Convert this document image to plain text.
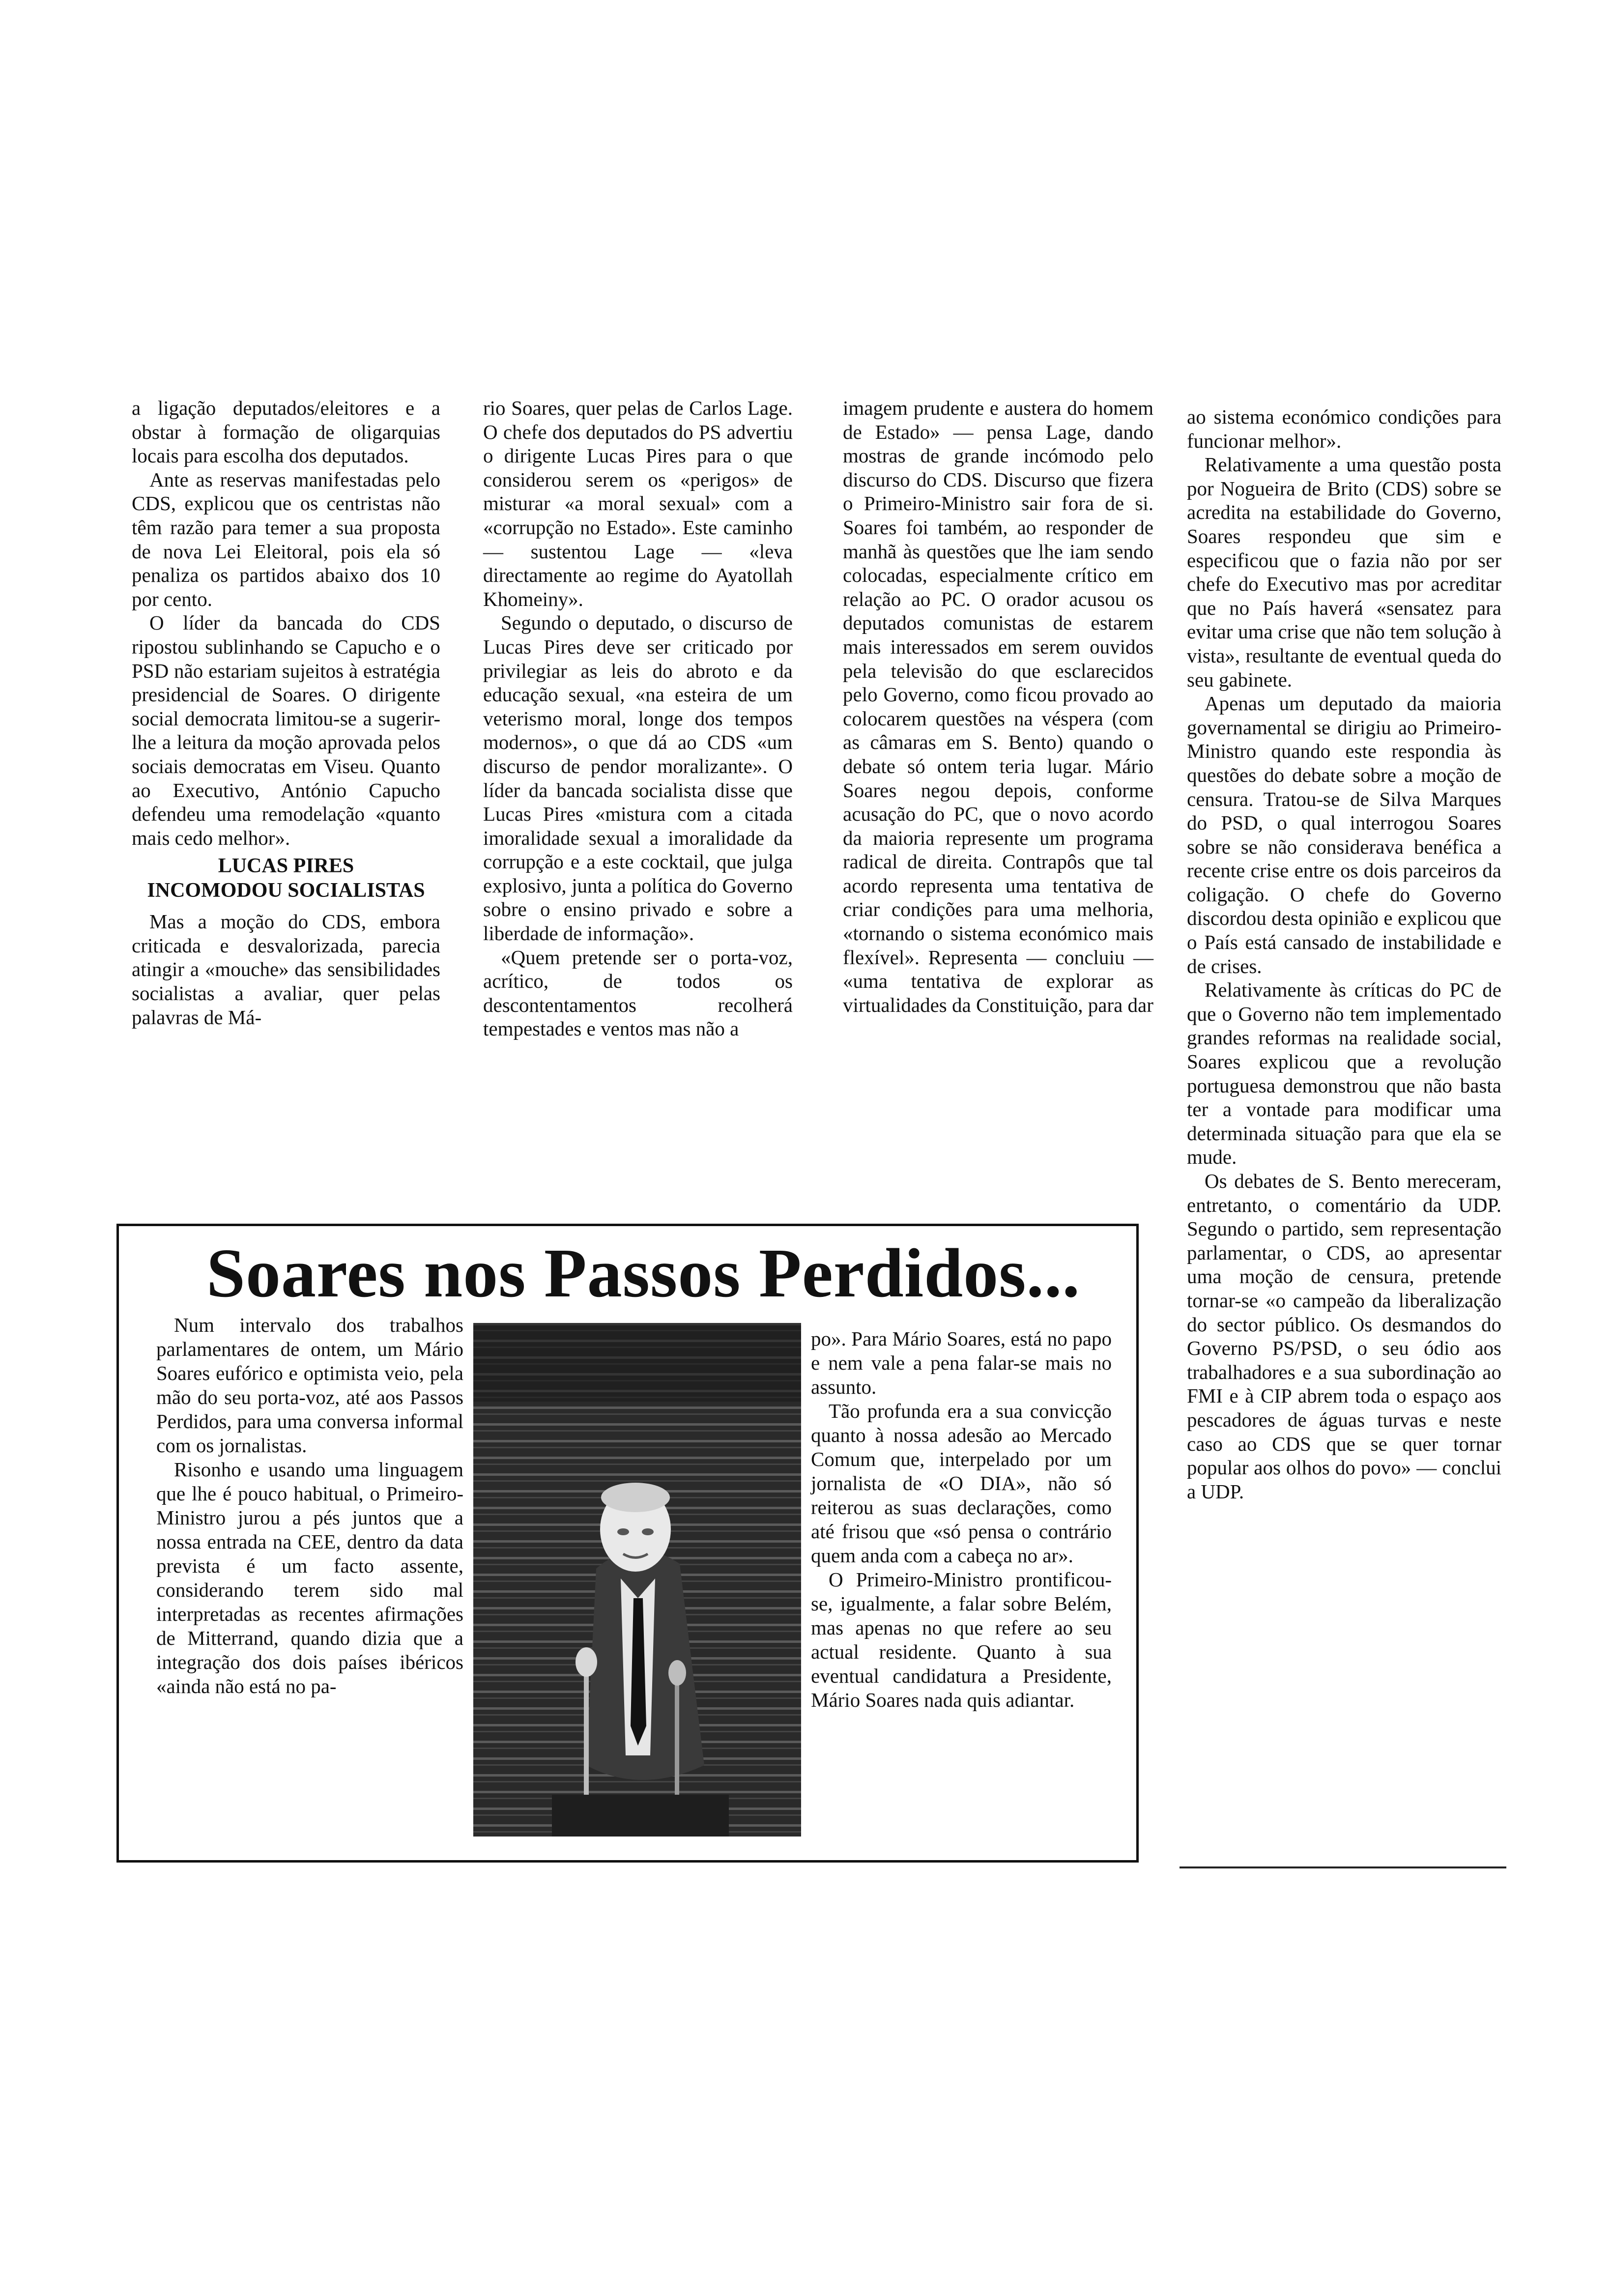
a ligação deputados/eleitores e a obstar à formação de oligarquias locais para escolha dos deputados.

Ante as reservas manifestadas pelo CDS, explicou que os centristas não têm razão para temer a sua proposta de nova Lei Eleitoral, pois ela só penaliza os partidos abaixo dos 10 por cento.

O líder da bancada do CDS ripostou sublinhando se Capucho e o PSD não estariam sujeitos à estratégia presidencial de Soares. O dirigente social democrata limitou-se a sugerir-lhe a leitura da moção aprovada pelos sociais democratas em Viseu. Quanto ao Executivo, António Capucho defendeu uma remodelação «quanto mais cedo melhor».

LUCAS PIRES
INCOMODOU SOCIALISTAS

Mas a moção do CDS, embora criticada e desvalorizada, parecia atingir a «mouche» das sensibilidades socialistas a avaliar, quer pelas palavras de Má-

rio Soares, quer pelas de Carlos Lage. O chefe dos deputados do PS advertiu o dirigente Lucas Pires para o que considerou serem os «perigos» de misturar «a moral sexual» com a «corrupção no Estado». Este caminho — sustentou Lage — «leva directamente ao regime do Ayatollah Khomeiny».

Segundo o deputado, o discurso de Lucas Pires deve ser criticado por privilegiar as leis do abroto e da educação sexual, «na esteira de um veterismo moral, longe dos tempos modernos», o que dá ao CDS «um discurso de pendor moralizante». O líder da bancada socialista disse que Lucas Pires «mistura com a citada imoralidade sexual a imoralidade da corrupção e a este cocktail, que julga explosivo, junta a política do Governo sobre o ensino privado e sobre a liberdade de informação».

«Quem pretende ser o porta-voz, acrítico, de todos os descontentamentos recolherá tempestades e ventos mas não a

imagem prudente e austera do homem de Estado» — pensa Lage, dando mostras de grande incómodo pelo discurso do CDS. Discurso que fizera o Primeiro-Ministro sair fora de si. Soares foi também, ao responder de manhã às questões que lhe iam sendo colocadas, especialmente crítico em relação ao PC. O orador acusou os deputados comunistas de estarem mais interessados em serem ouvidos pela televisão do que esclarecidos pelo Governo, como ficou provado ao colocarem questões na véspera (com as câmaras em S. Bento) quando o debate só ontem teria lugar. Mário Soares negou depois, conforme acusação do PC, que o novo acordo da maioria represente um programa radical de direita. Contrapôs que tal acordo representa uma tentativa de criar condições para uma melhoria, «tornando o sistema económico mais flexível». Representa — concluiu — «uma tentativa de explorar as virtualidades da Constituição, para dar

ao sistema económico condições para funcionar melhor».

Relativamente a uma questão posta por Nogueira de Brito (CDS) sobre se acredita na estabilidade do Governo, Soares respondeu que sim e especificou que o fazia não por ser chefe do Executivo mas por acreditar que no País haverá «sensatez para evitar uma crise que não tem solução à vista», resultante de eventual queda do seu gabinete.

Apenas um deputado da maioria governamental se dirigiu ao Primeiro-Ministro quando este respondia às questões do debate sobre a moção de censura. Tratou-se de Silva Marques do PSD, o qual interrogou Soares sobre se não considerava benéfica a recente crise entre os dois parceiros da coligação. O chefe do Governo discordou desta opinião e explicou que o País está cansado de instabilidade e de crises.

Relativamente às críticas do PC de que o Governo não tem implementado grandes reformas na realidade social, Soares explicou que a revolução portuguesa demonstrou que não basta ter a vontade para modificar uma determinada situação para que ela se mude.

Os debates de S. Bento mereceram, entretanto, o comentário da UDP. Segundo o partido, sem representação parlamentar, o CDS, ao apresentar uma moção de censura, pretende tornar-se «o campeão da liberalização do sector público. Os desmandos do Governo PS/PSD, o seu ódio aos trabalhadores e a sua subordinação ao FMI e à CIP abrem toda o espaço aos pescadores de águas turvas e neste caso ao CDS que se quer tornar popular aos olhos do povo» — conclui a UDP.

Soares nos Passos Perdidos...

Num intervalo dos trabalhos parlamentares de ontem, um Mário Soares eufórico e optimista veio, pela mão do seu porta-voz, até aos Passos Perdidos, para uma conversa informal com os jornalistas.

Risonho e usando uma linguagem que lhe é pouco habitual, o Primeiro-Ministro jurou a pés juntos que a nossa entrada na CEE, dentro da data prevista é um facto assente, considerando terem sido mal interpretadas as recentes afirmações de Mitterrand, quando dizia que a integração dos dois países ibéricos «ainda não está no pa-

po». Para Mário Soares, está no papo e nem vale a pena falar-se mais no assunto.

Tão profunda era a sua convicção quanto à nossa adesão ao Mercado Comum que, interpelado por um jornalista de «O DIA», não só reiterou as suas declarações, como até frisou que «só pensa o contrário quem anda com a cabeça no ar».

O Primeiro-Ministro prontificou-se, igualmente, a falar sobre Belém, mas apenas no que refere ao seu actual residente. Quanto à sua eventual candidatura a Presidente, Mário Soares nada quis adiantar.
